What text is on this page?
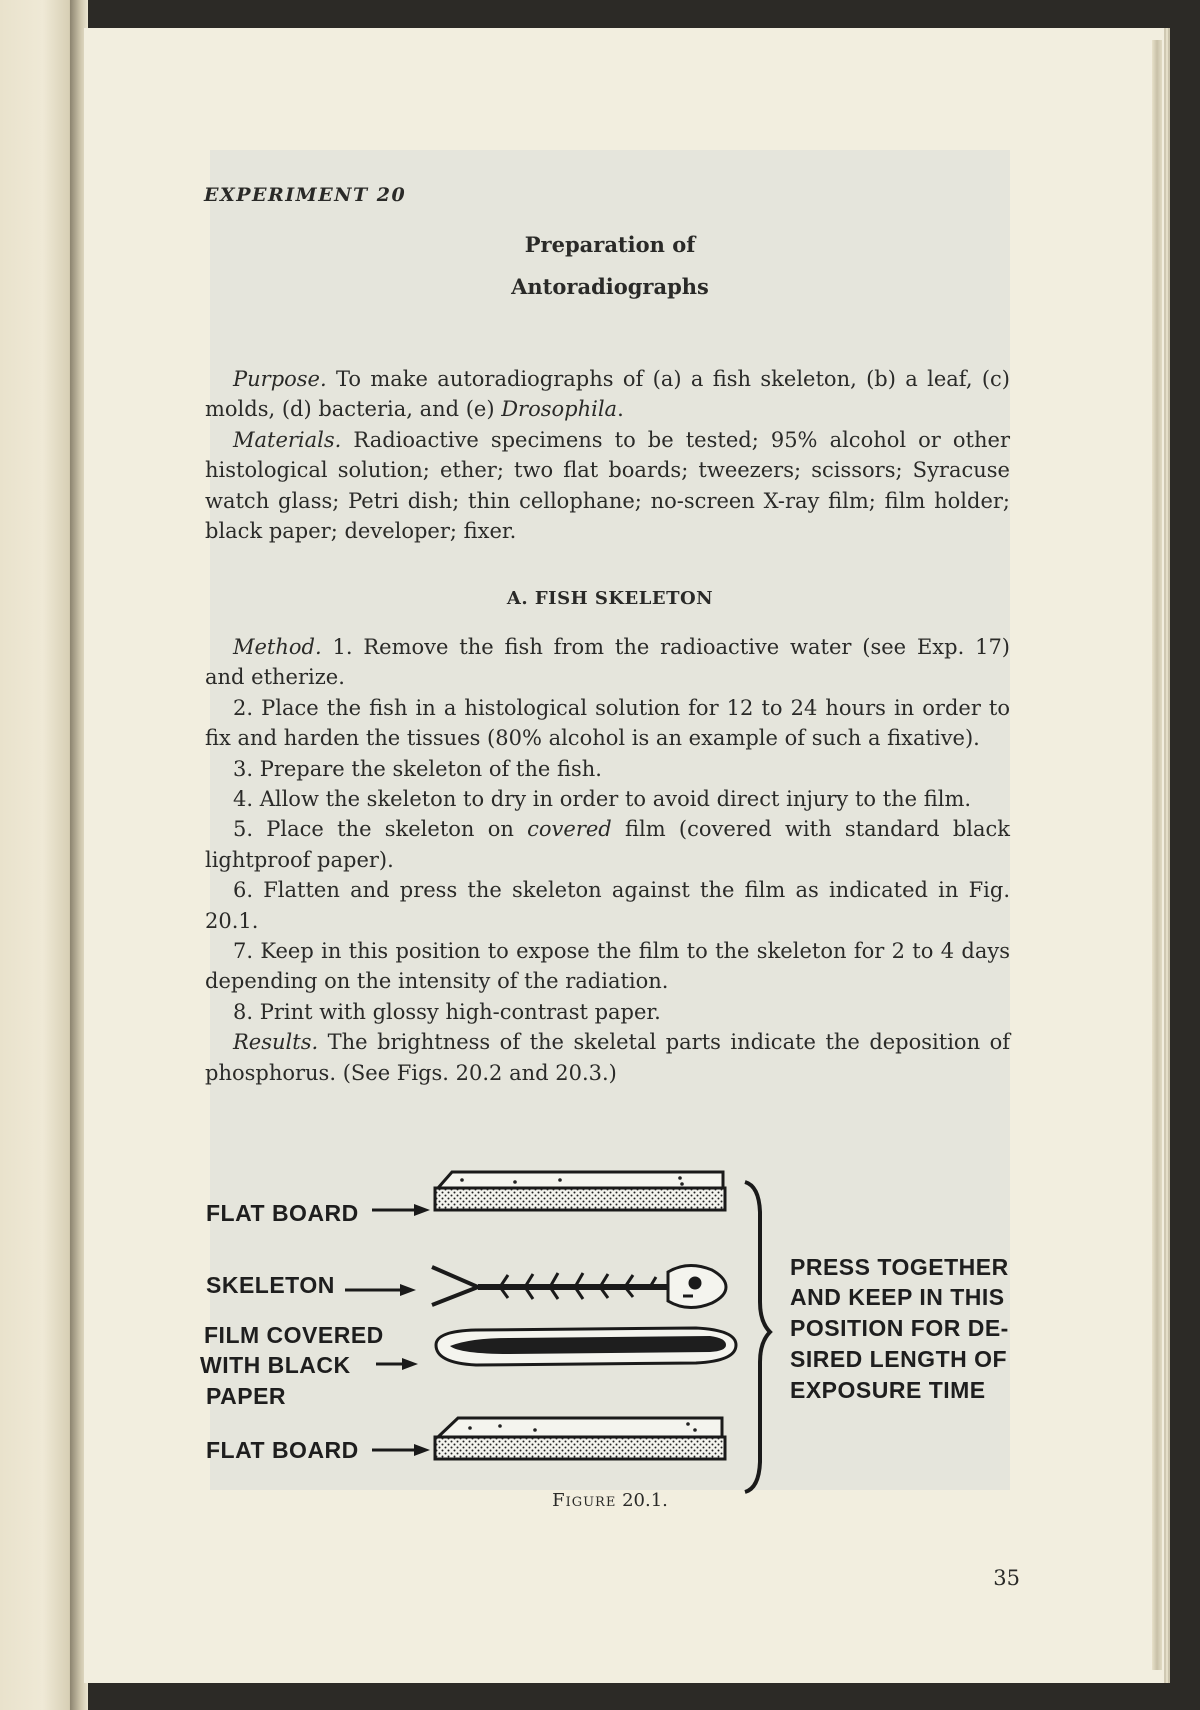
EXPERIMENT 20
Preparation of
Antoradiographs

Purpose. To make autoradiographs of (a) a fish skeleton, (b) a leaf, (c) molds, (d) bacteria, and (e) Drosophila.

Materials. Radioactive specimens to be tested; 95% alcohol or other histological solution; ether; two flat boards; tweezers; scissors; Syracuse watch glass; Petri dish; thin cellophane; no-screen X-ray film; film holder; black paper; developer; fixer.

A. FISH SKELETON

Method. 1. Remove the fish from the radioactive water (see Exp. 17) and etherize.

2. Place the fish in a histological solution for 12 to 24 hours in order to fix and harden the tissues (80% alcohol is an example of such a fixative).

3. Prepare the skeleton of the fish.

4. Allow the skeleton to dry in order to avoid direct injury to the film.

5. Place the skeleton on covered film (covered with standard black lightproof paper).

6. Flatten and press the skeleton against the film as indicated in Fig. 20.1.

7. Keep in this position to expose the film to the skeleton for 2 to 4 days depending on the intensity of the radiation.

8. Print with glossy high-contrast paper.

Results. The brightness of the skeletal parts indicate the deposition of phosphorus. (See Figs. 20.2 and 20.3.)

FLAT BOARD
SKELETON
FILM COVERED
WITH BLACK
PAPER
FLAT BOARD
PRESS TOGETHER
AND KEEP IN THIS
POSITION FOR DE-
SIRED LENGTH OF
EXPOSURE TIME
Figure 20.1.
35
